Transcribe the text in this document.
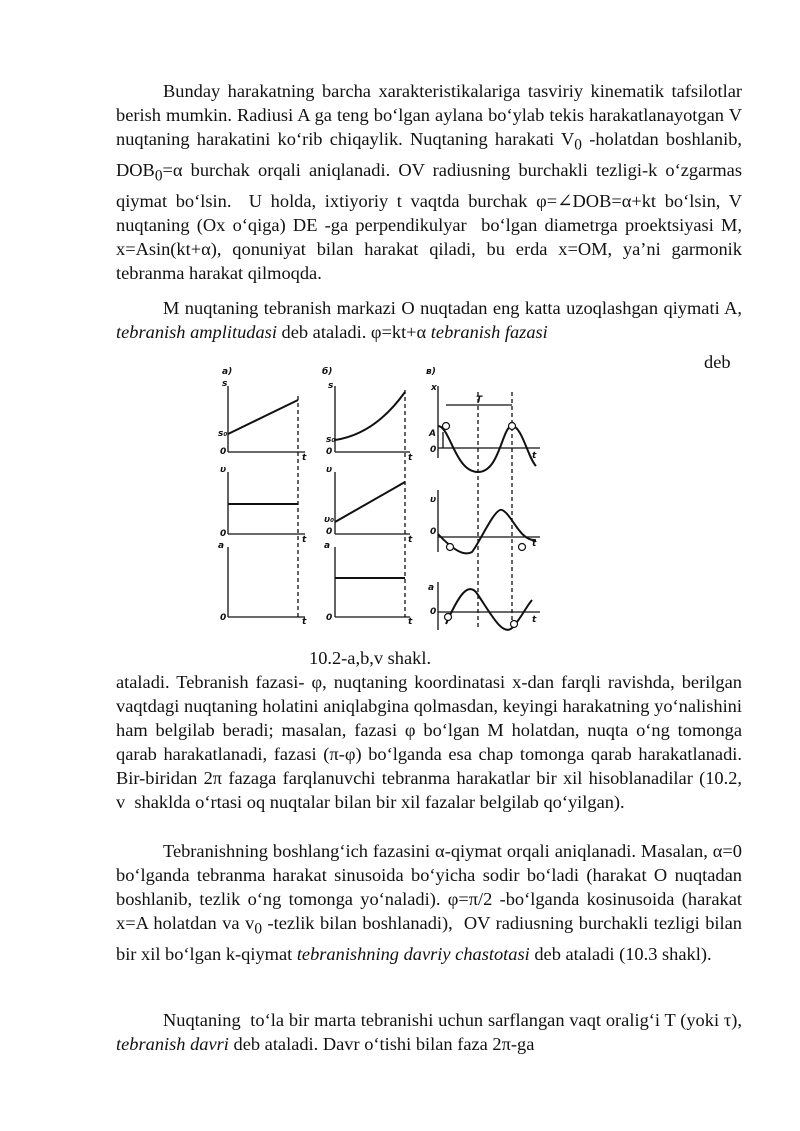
Bunday harakatning barcha xarakteristikalariga tasviriy kinematik tafsilotlar berish mumkin. Radiusi A ga teng bo‘lgan aylana bo‘ylab tekis harakatlanayotgan V nuqtaning harakatini ko‘rib chiqaylik. Nuqtaning harakati $V_0$ -holatdan boshlanib, $DOB_0=\alpha$ burchak orqali aniqlanadi. OV radiusning burchakli tezligi-k o‘zgarmas qiymat bo‘lsin.  U holda, ixtiyoriy t vaqtda burchak φ=∠DOB=α+kt bo‘lsin, V nuqtaning (Ox o‘qiga) DE -ga perpendikulyar  bo‘lgan diametrga proektsiyasi M, x=Asin(kt+α), qonuniyat bilan harakat qiladi, bu erda x=OM, ya’ni garmonik tebranma harakat qilmoqda.

M nuqtaning tebranish markazi O nuqtadan eng katta uzoqlashgan qiymati A, tebranish amplitudasi deb ataladi. φ=kt+α tebranish fazasi

deb
a)	б)	в)
s
s₀
0
t
υ
0
t
a
0	t
s
s₀
0
t
υ
υ₀
0
t
a
0	t
x
T
A
0
t
υ
0
t
a
0
t
10.2-a,b,v shakl.

ataladi. Tebranish fazasi- φ, nuqtaning koordinatasi x-dan farqli ravishda, berilgan vaqtdagi nuqtaning holatini aniqlabgina qolmasdan, keyingi harakatning yo‘nalishini ham belgilab beradi; masalan, fazasi φ bo‘lgan M holatdan, nuqta o‘ng tomonga qarab harakatlanadi, fazasi (π-φ) bo‘lganda esa chap tomonga qarab harakatlanadi. Bir-biridan 2π fazaga farqlanuvchi tebranma harakatlar bir xil hisoblanadilar (10.2, v  shaklda o‘rtasi oq nuqtalar bilan bir xil fazalar belgilab qo‘yilgan).

Tebranishning boshlang‘ich fazasini α-qiymat orqali aniqlanadi. Masalan, α=0 bo‘lganda tebranma harakat sinusoida bo‘yicha sodir bo‘ladi (harakat O nuqtadan boshlanib, tezlik o‘ng tomonga yo‘naladi). φ=π/2 -bo‘lganda kosinusoida (harakat x=A holatdan va $v_0$ -tezlik bilan boshlanadi),  OV radiusning burchakli tezligi bilan bir xil bo‘lgan k-qiymat tebranishning davriy chastotasi deb ataladi (10.3 shakl).

Nuqtaning  to‘la bir marta tebranishi uchun sarflangan vaqt oralig‘i T (yoki τ), tebranish davri deb ataladi. Davr o‘tishi bilan faza 2π-ga
